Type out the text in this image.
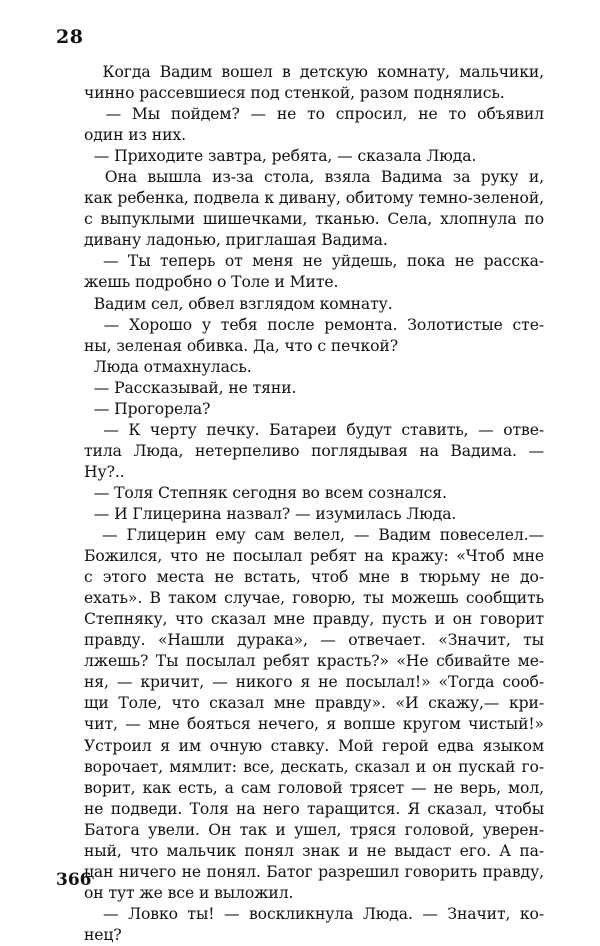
28
Когда Вадим вошел в детскую комнату, мальчики,
чинно рассевшиеся под стенкой, разом поднялись.
— Мы пойдем? — не то спросил, не то объявил
один из них.
— Приходите завтра, ребята, — сказала Люда.
Она вышла из-за стола, взяла Вадима за руку и,
как ребенка, подвела к дивану, обитому темно-зеленой,
с выпуклыми шишечками, тканью. Села, хлопнула по
дивану ладонью, приглашая Вадима.
— Ты теперь от меня не уйдешь, пока не расска-
жешь подробно о Толе и Мите.
Вадим сел, обвел взглядом комнату.
— Хорошо у тебя после ремонта. Золотистые сте-
ны, зеленая обивка. Да, что с печкой?
Люда отмахнулась.
— Рассказывай, не тяни.
— Прогорела?
— К черту печку. Батареи будут ставить, — отве-
тила Люда, нетерпеливо поглядывая на Вадима. —
Ну?..
— Толя Степняк сегодня во всем сознался.
— И Глицерина назвал? — изумилась Люда.
— Глицерин ему сам велел, — Вадим повеселел.—
Божился, что не посылал ребят на кражу: «Чтоб мне
с этого места не встать, чтоб мне в тюрьму не до-
ехать». В таком случае, говорю, ты можешь сообщить
Степняку, что сказал мне правду, пусть и он говорит
правду. «Нашли дурака», — отвечает. «Значит, ты
лжешь? Ты посылал ребят красть?» «Не сбивайте ме-
ня, — кричит, — никого я не посылал!» «Тогда сооб-
щи Толе, что сказал мне правду». «И скажу,— кри-
чит, — мне бояться нечего, я вопше кругом чистый!»
Устроил я им очную ставку. Мой герой едва языком
ворочает, мямлит: все, дескать, сказал и он пускай го-
ворит, как есть, а сам головой трясет — не верь, мол,
не подведи. Толя на него таращится. Я сказал, чтобы
Батога увели. Он так и ушел, тряся головой, уверен-
ный, что мальчик понял знак и не выдаст его. А па-
цан ничего не понял. Батог разрешил говорить правду,
он тут же все и выложил.
— Ловко ты! — воскликнула Люда. — Значит, ко-
нец?
366
